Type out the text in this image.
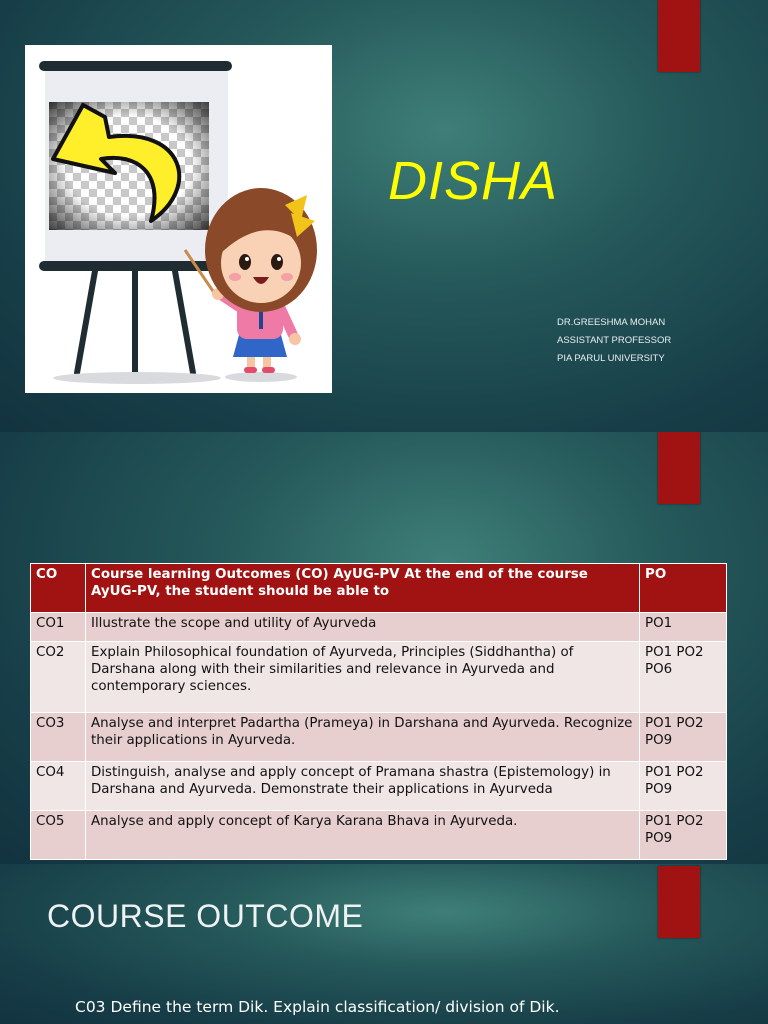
DISHA
DR.GREESHMA MOHAN
ASSISTANT PROFESSOR
PIA PARUL UNIVERSITY
CO	Course learning Outcomes (CO) AyUG-PV At the end of the course AyUG-PV, the student should be able to	PO
CO1	Illustrate the scope and utility of Ayurveda	PO1
CO2	Explain Philosophical foundation of Ayurveda, Principles (Siddhantha) of Darshana along with their similarities and relevance in Ayurveda and contemporary sciences.	PO1 PO2 PO6
CO3	Analyse and interpret Padartha (Prameya) in Darshana and Ayurveda. Recognize their applications in Ayurveda.	PO1 PO2 PO9
CO4	Distinguish, analyse and apply concept of Pramana shastra (Epistemology) in Darshana and Ayurveda. Demonstrate their applications in Ayurveda	PO1 PO2 PO9
CO5	Analyse and apply concept of Karya Karana Bhava in Ayurveda.	PO1 PO2 PO9
COURSE OUTCOME
C03 Define the term Dik. Explain classification/ division of Dik.
